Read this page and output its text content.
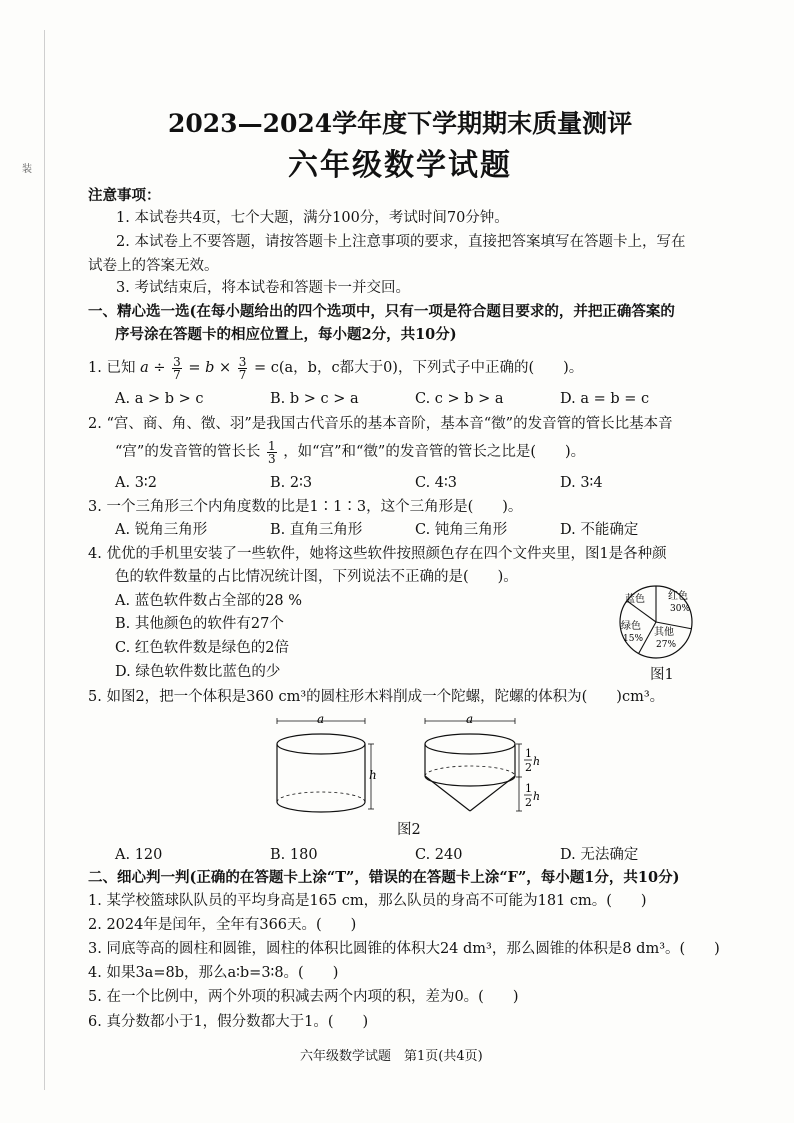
装
2023—2024学年度下学期期末质量测评
六年级数学试题
注意事项：
1. 本试卷共4页，七个大题，满分100分，考试时间70分钟。
2. 本试卷上不要答题，请按答题卡上注意事项的要求，直接把答案填写在答题卡上，写在
试卷上的答案无效。
3. 考试结束后，将本试卷和答题卡一并交回。
一、精心选一选(在每小题给出的四个选项中，只有一项是符合题目要求的，并把正确答案的
序号涂在答题卡的相应位置上，每小题2分，共10分)
1. 已知 $a \div \frac{3}{7} = b \times \frac{3}{7} = c(a$，b，c都大于0)，下列式子中正确的(　　)。
A. a > b > c	B. b > c > a	C. c > b > a	D. a = b = c
2. “宫、商、角、徵、羽”是我国古代音乐的基本音阶，基本音“徵”的发音管的管长比基本音
“宫”的发音管的管长长 $\frac{1}{3}$ ，如“宫”和“徵”的发音管的管长之比是(　　)。
A. 3∶2	B. 2∶3	C. 4∶3	D. 3∶4
3. 一个三角形三个内角度数的比是1∶1∶3，这个三角形是(　　)。
A. 锐角三角形	B. 直角三角形	C. 钝角三角形	D. 不能确定
4. 优优的手机里安装了一些软件，她将这些软件按照颜色存在四个文件夹里，图1是各种颜
色的软件数量的占比情况统计图，下列说法不正确的是(　　)。
A. 蓝色软件数占全部的28 %
B. 其他颜色的软件有27个
C. 红色软件数是绿色的2倍
D. 绿色软件数比蓝色的少
蓝色 红色
30%
其他
27%
绿色
15%
图1
5. 如图2，把一个体积是360 cm³的圆柱形木料削成一个陀螺，陀螺的体积为(　　)cm³。
a
h
a
1
2 h
1
2 h
图2
A. 120	B. 180	C. 240	D. 无法确定
二、细心判一判(正确的在答题卡上涂“T”，错误的在答题卡上涂“F”，每小题1分，共10分)
1. 某学校篮球队队员的平均身高是165 cm，那么队员的身高不可能为181 cm。(　　)
2. 2024年是闰年，全年有366天。(　　)
3. 同底等高的圆柱和圆锥，圆柱的体积比圆锥的体积大24 dm³，那么圆锥的体积是8 dm³。(　　)
4. 如果3a=8b，那么a∶b=3∶8。(　　)
5. 在一个比例中，两个外项的积减去两个内项的积，差为0。(　　)
6. 真分数都小于1，假分数都大于1。(　　)
六年级数学试题　第1页(共4页)
